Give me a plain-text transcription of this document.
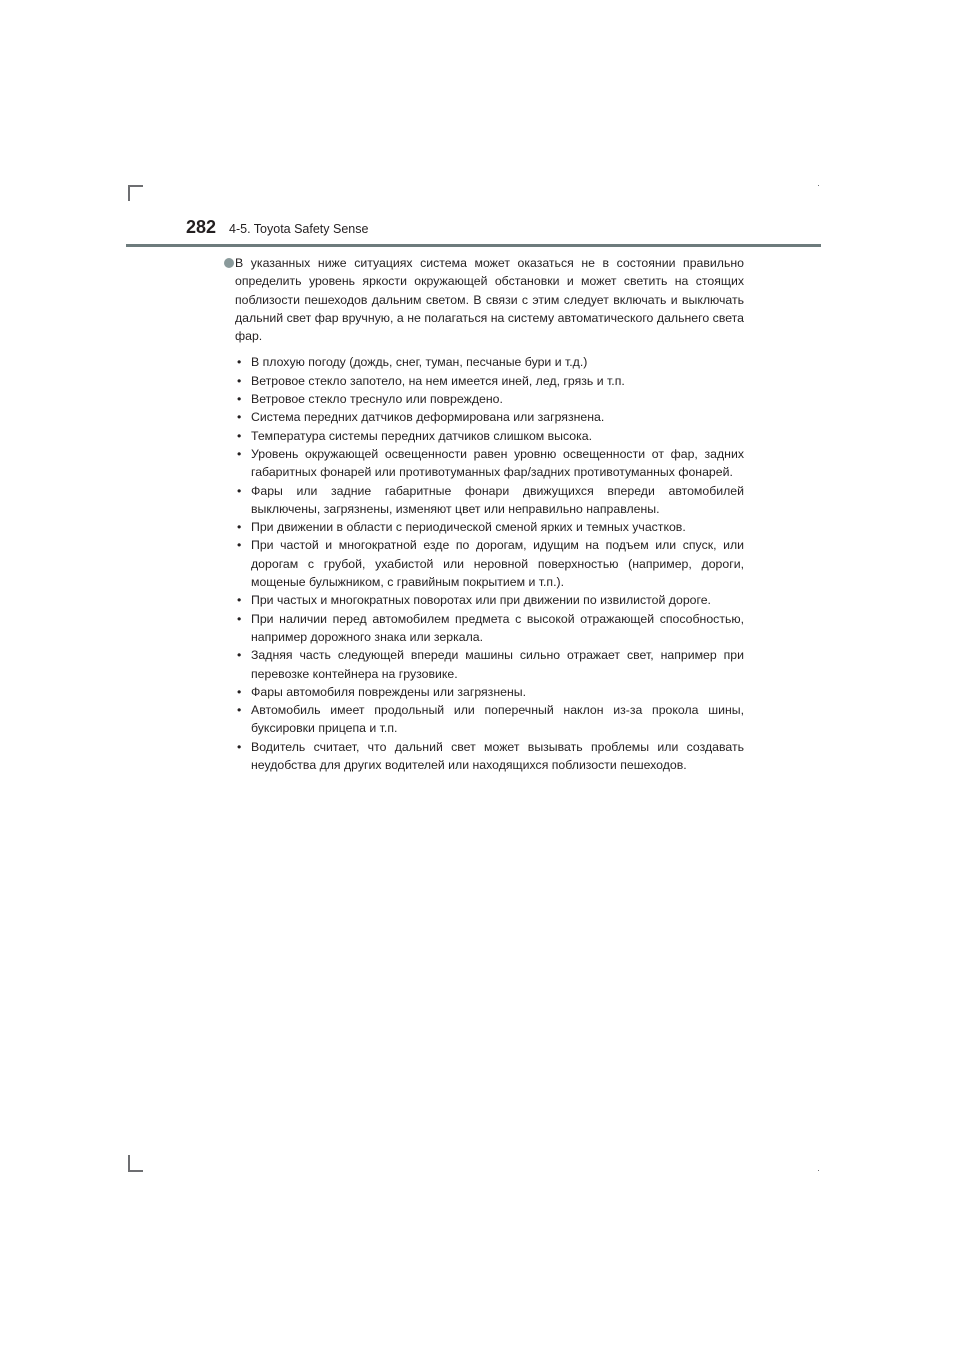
282	4-5. Toyota Safety Sense

В указанных ниже ситуациях система может оказаться не в состоянии правильно определить уровень яркости окружающей обстановки и может светить на стоящих поблизости пешеходов дальним светом. В связи с этим следует включать и выключать дальний свет фар вручную, а не полагаться на систему автоматического дальнего света фар.

• В плохую погоду (дождь, снег, туман, песчаные бури и т.д.)
• Ветровое стекло запотело, на нем имеется иней, лед, грязь и т.п.
• Ветровое стекло треснуло или повреждено.
• Система передних датчиков деформирована или загрязнена.
• Температура системы передних датчиков слишком высока.
• Уровень окружающей освещенности равен уровню освещенности от фар, задних габаритных фонарей или противотуманных фар/задних противотуманных фонарей.
• Фары или задние габаритные фонари движущихся впереди автомобилей выключены, загрязнены, изменяют цвет или неправильно направлены.
• При движении в области с периодической сменой ярких и темных участков.
• При частой и многократной езде по дорогам, идущим на подъем или спуск, или дорогам с грубой, ухабистой или неровной поверхностью (например, дороги, мощеные булыжником, с гравийным покрытием и т.п.).
• При частых и многократных поворотах или при движении по извилистой дороге.
• При наличии перед автомобилем предмета с высокой отражающей способностью, например дорожного знака или зеркала.
• Задняя часть следующей впереди машины сильно отражает свет, например при перевозке контейнера на грузовике.
• Фары автомобиля повреждены или загрязнены.
• Автомобиль имеет продольный или поперечный наклон из-за прокола шины, буксировки прицепа и т.п.
• Водитель считает, что дальний свет может вызывать проблемы или создавать неудобства для других водителей или находящихся поблизости пешеходов.
